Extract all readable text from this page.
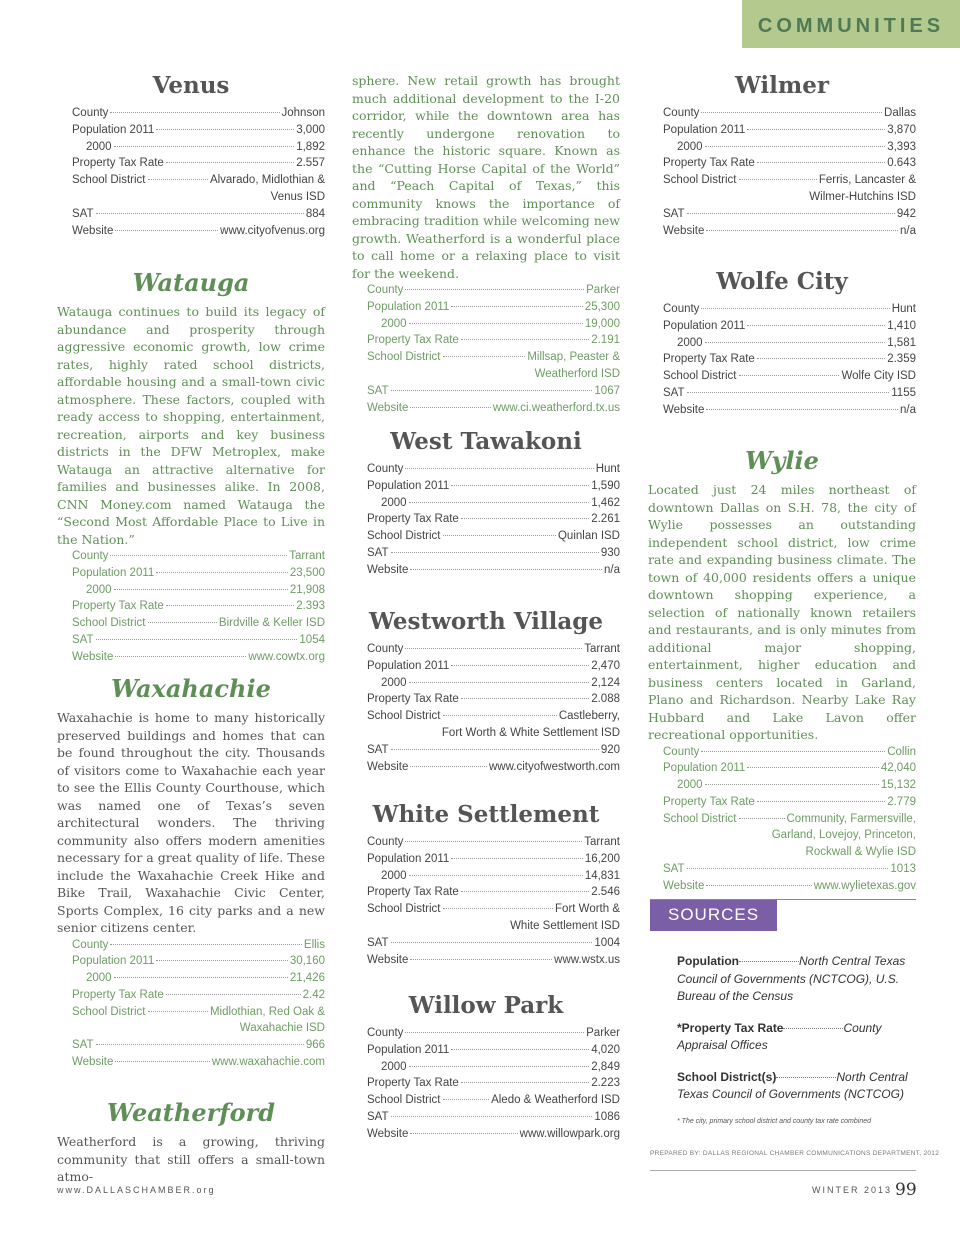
COMMUNITIES
Venus
County	Johnson
Population 2011	3,000
2000	1,892
Property Tax Rate	2.557
School District	Alvarado, Midlothian &
Venus ISD
SAT	884
Website	www.cityofvenus.org
Watauga

Watauga continues to build its legacy of abundance and prosperity through aggressive economic growth, low crime rates, highly rated school districts, affordable housing and a small-town civic atmosphere. These factors, coupled with ready access to shopping, entertainment, recreation, airports and key business districts in the DFW Metroplex, make Watauga an attractive alternative for families and businesses alike. In 2008, CNN Money.com named Watauga the “Second Most Affordable Place to Live in the Nation.”

County	Tarrant
Population 2011	23,500
2000	21,908
Property Tax Rate	2.393
School District	Birdville & Keller ISD
SAT	1054
Website	www.cowtx.org
Waxahachie

Waxahachie is home to many historically preserved buildings and homes that can be found throughout the city. Thousands of visitors come to Waxahachie each year to see the Ellis County Courthouse, which was named one of Texas’s seven architectural wonders. The thriving community also offers modern amenities necessary for a great quality of life. These include the Waxahachie Creek Hike and Bike Trail, Waxahachie Civic Center, Sports Complex, 16 city parks and a new senior citizens center.

County	Ellis
Population 2011	30,160
2000	21,426
Property Tax Rate	2.42
School District	Midlothian, Red Oak &
Waxahachie ISD
SAT	966
Website	www.waxahachie.com
Weatherford

Weatherford is a growing, thriving community that still offers a small-town atmo-

sphere. New retail growth has brought much additional development to the I-20 corridor, while the downtown area has recently undergone renovation to enhance the historic square. Known as the “Cutting Horse Capital of the World” and “Peach Capital of Texas,” this community knows the importance of embracing tradition while welcoming new growth. Weatherford is a wonderful place to call home or a relaxing place to visit for the weekend.

County	Parker
Population 2011	25,300
2000	19,000
Property Tax Rate	2.191
School District	Millsap, Peaster &
Weatherford ISD
SAT	1067
Website	www.ci.weatherford.tx.us
West Tawakoni
County	Hunt
Population 2011	1,590
2000	1,462
Property Tax Rate	2.261
School District	Quinlan ISD
SAT	930
Website	n/a
Westworth Village
County	Tarrant
Population 2011	2,470
2000	2,124
Property Tax Rate	2.088
School District	Castleberry,
Fort Worth & White Settlement ISD
SAT	920
Website	www.cityofwestworth.com
White Settlement
County	Tarrant
Population 2011	16,200
2000	14,831
Property Tax Rate	2.546
School District	Fort Worth &
White Settlement ISD
SAT	1004
Website	www.wstx.us
Willow Park
County	Parker
Population 2011	4,020
2000	2,849
Property Tax Rate	2.223
School District	Aledo & Weatherford ISD
SAT	1086
Website	www.willowpark.org
Wilmer
County	Dallas
Population 2011	3,870
2000	3,393
Property Tax Rate	0.643
School District	Ferris, Lancaster &
Wilmer-Hutchins ISD
SAT	942
Website	n/a
Wolfe City
County	Hunt
Population 2011	1,410
2000	1,581
Property Tax Rate	2.359
School District	Wolfe City ISD
SAT	1155
Website	n/a
Wylie

Located just 24 miles northeast of downtown Dallas on S.H. 78, the city of Wylie possesses an outstanding independent school district, low crime rate and expanding business climate. The town of 40,000 residents offers a unique downtown shopping experience, a selection of nationally known retailers and restaurants, and is only minutes from additional major shopping, entertainment, higher education and business centers located in Garland, Plano and Richardson. Nearby Lake Ray Hubbard and Lake Lavon offer recreational opportunities.

County	Collin
Population 2011	42,040
2000	15,132
Property Tax Rate	2.779
School District	Community, Farmersville,
Garland, Lovejoy, Princeton,
Rockwall & Wylie ISD
SAT	1013
Website	www.wylietexas.gov
SOURCES

Population	North Central Texas Council of Governments (NCTCOG), U.S. Bureau of the Census

*Property Tax Rate	County Appraisal Offices

School District(s)	North Central Texas Council of Governments (NCTCOG)

* The city, primary school district and county tax rate combined
PREPARED BY: DALLAS REGIONAL CHAMBER COMMUNICATIONS DEPARTMENT, 2012
www.DALLASCHAMBER.org	WINTER 2013 99
